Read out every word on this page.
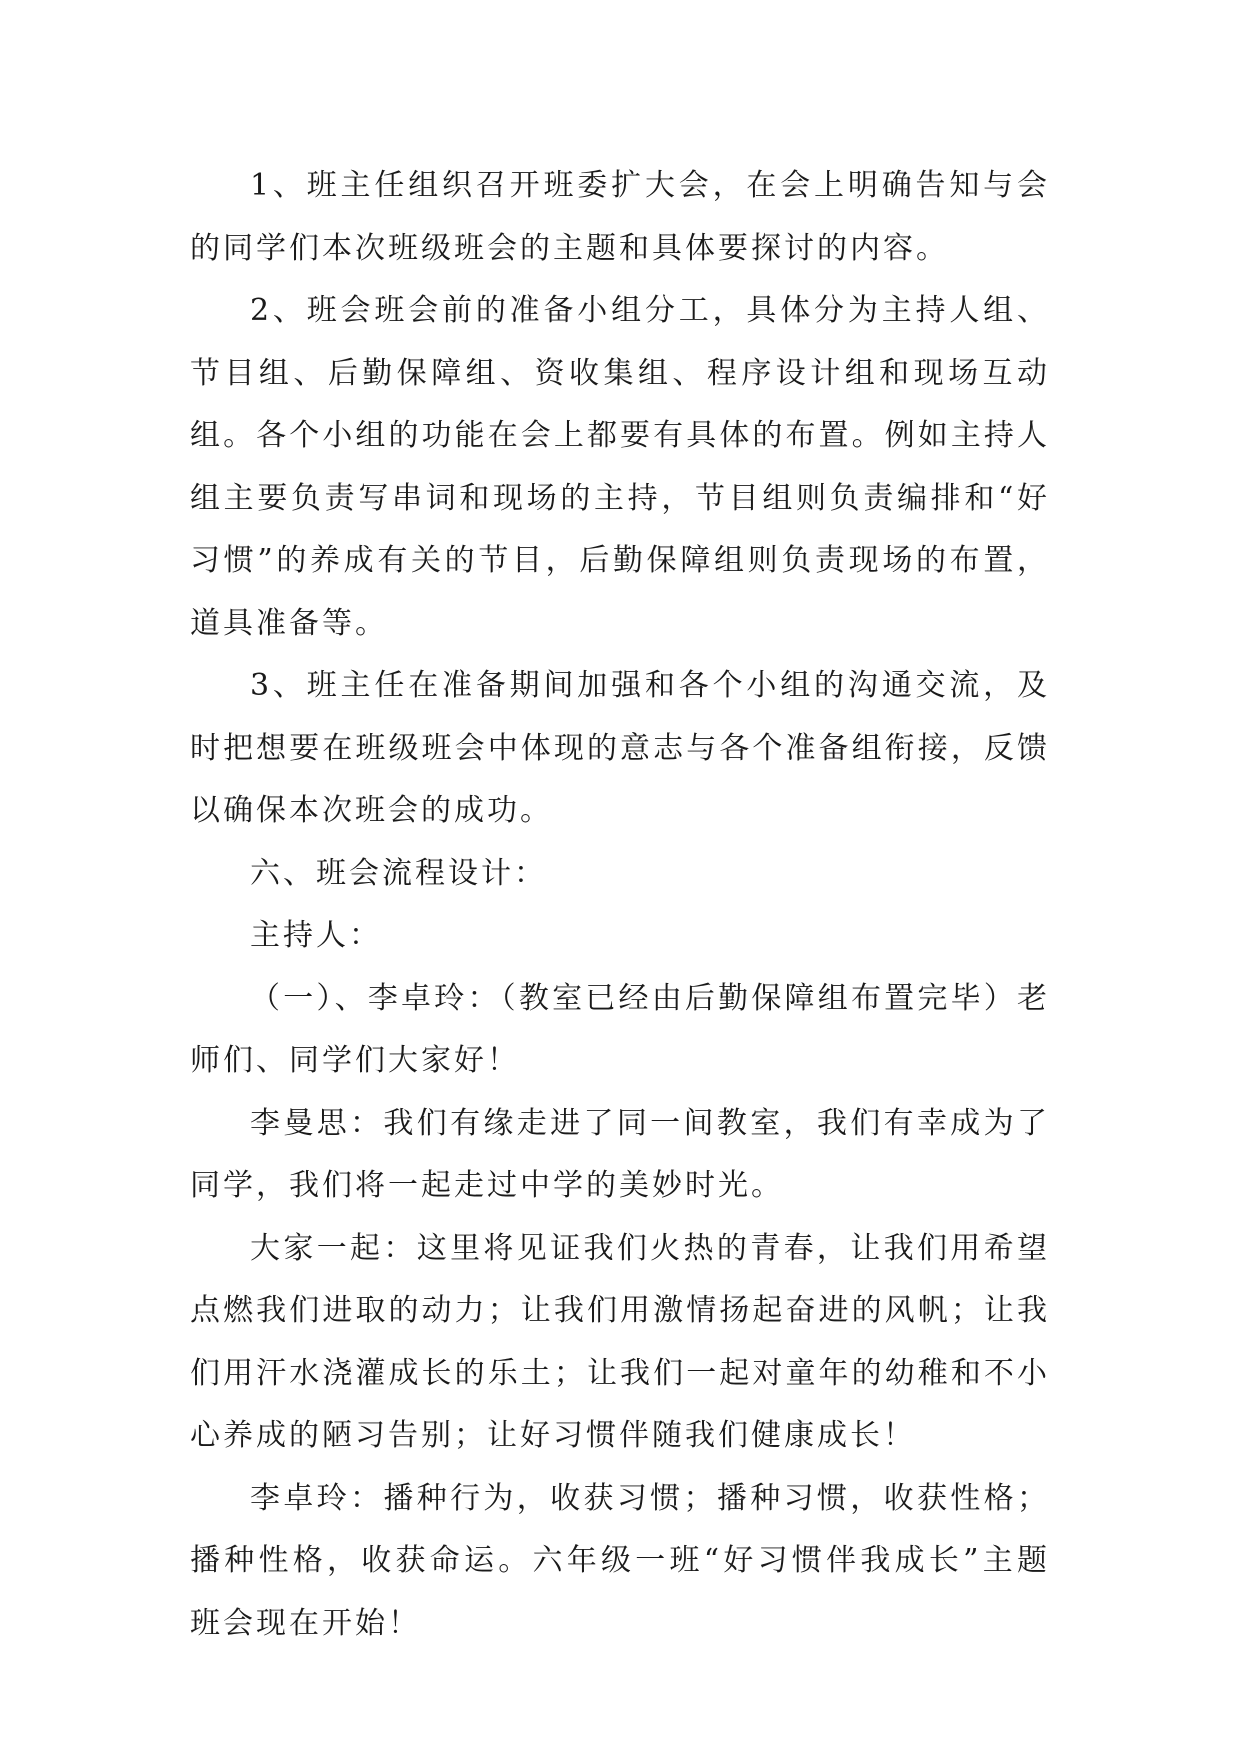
1、班主任组织召开班委扩大会，在会上明确告知与会的同学们本次班级班会的主题和具体要探讨的内容。

2、班会班会前的准备小组分工，具体分为主持人组、节目组、后勤保障组、资收集组、程序设计组和现场互动组。各个小组的功能在会上都要有具体的布置。例如主持人组主要负责写串词和现场的主持，节目组则负责编排和“好习惯”的养成有关的节目，后勤保障组则负责现场的布置，道具准备等。

3、班主任在准备期间加强和各个小组的沟通交流，及时把想要在班级班会中体现的意志与各个准备组衔接，反馈以确保本次班会的成功。

六、班会流程设计：

主持人：

（一）、李卓玲：（教室已经由后勤保障组布置完毕）老师们、同学们大家好！

李曼思：我们有缘走进了同一间教室，我们有幸成为了同学，我们将一起走过中学的美妙时光。

大家一起：这里将见证我们火热的青春，让我们用希望点燃我们进取的动力；让我们用激情扬起奋进的风帆；让我们用汗水浇灌成长的乐土；让我们一起对童年的幼稚和不小心养成的陋习告别；让好习惯伴随我们健康成长！

李卓玲：播种行为，收获习惯；播种习惯，收获性格；播种性格，收获命运。六年级一班“好习惯伴我成长”主题班会现在开始！
